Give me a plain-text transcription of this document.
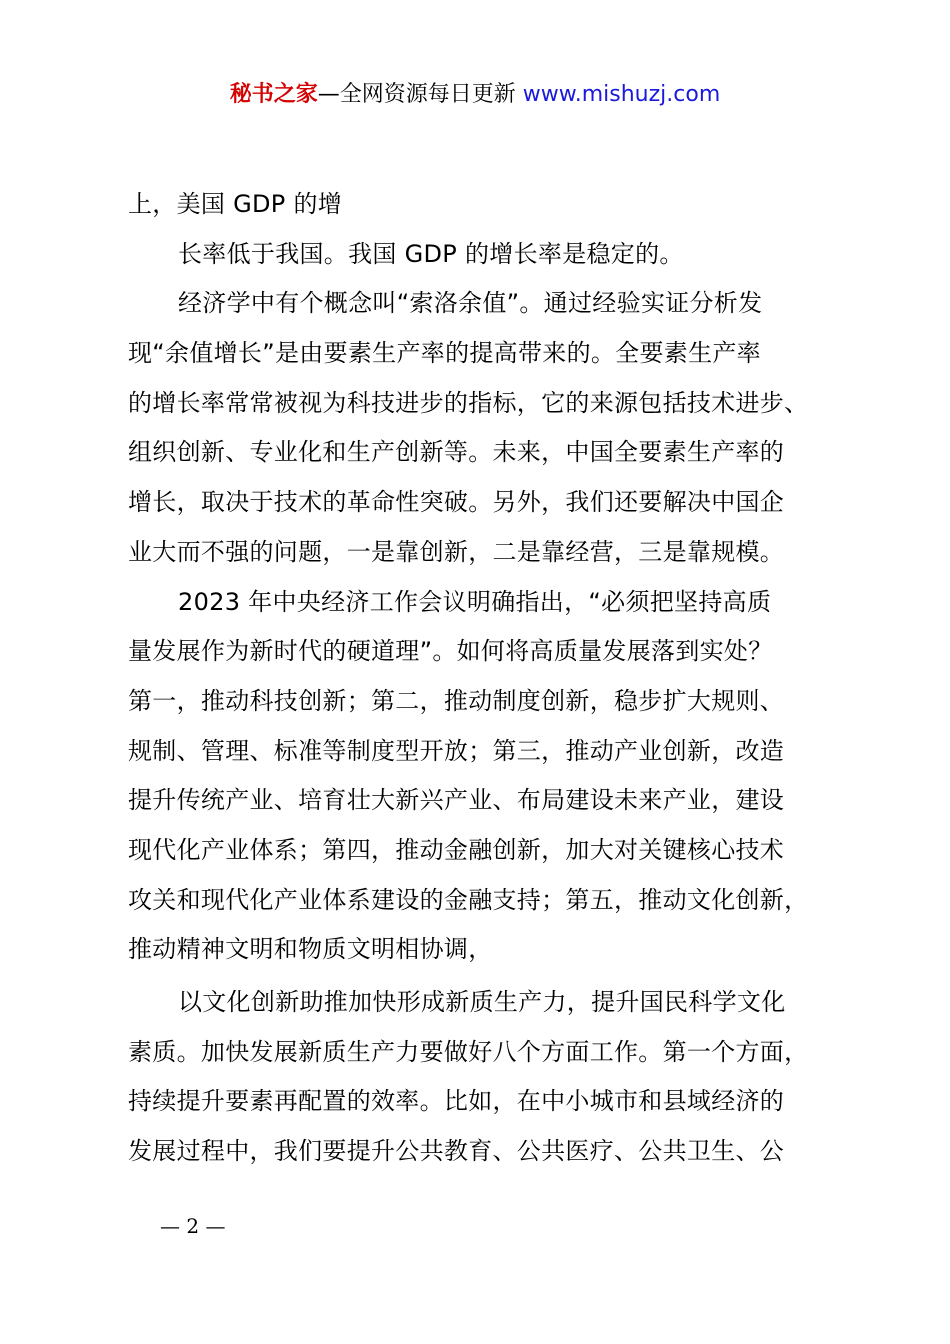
秘书之家—全网资源每日更新 www.mishuzj.com
上，美国 GDP 的增
长率低于我国。我国 GDP 的增长率是稳定的。
经济学中有个概念叫“索洛余值”。通过经验实证分析发
现“余值增长”是由要素生产率的提高带来的。全要素生产率
的增长率常常被视为科技进步的指标，它的来源包括技术进步、
组织创新、专业化和生产创新等。未来，中国全要素生产率的
增长，取决于技术的革命性突破。另外，我们还要解决中国企
业大而不强的问题，一是靠创新，二是靠经营，三是靠规模。
2023 年中央经济工作会议明确指出，“必须把坚持高质
量发展作为新时代的硬道理”。如何将高质量发展落到实处？
第一，推动科技创新；第二，推动制度创新，稳步扩大规则、
规制、管理、标准等制度型开放；第三，推动产业创新，改造
提升传统产业、培育壮大新兴产业、布局建设未来产业，建设
现代化产业体系；第四，推动金融创新，加大对关键核心技术
攻关和现代化产业体系建设的金融支持；第五，推动文化创新，
推动精神文明和物质文明相协调，
以文化创新助推加快形成新质生产力，提升国民科学文化
素质。加快发展新质生产力要做好八个方面工作。第一个方面，
持续提升要素再配置的效率。比如，在中小城市和县域经济的
发展过程中，我们要提升公共教育、公共医疗、公共卫生、公
— 2 —
